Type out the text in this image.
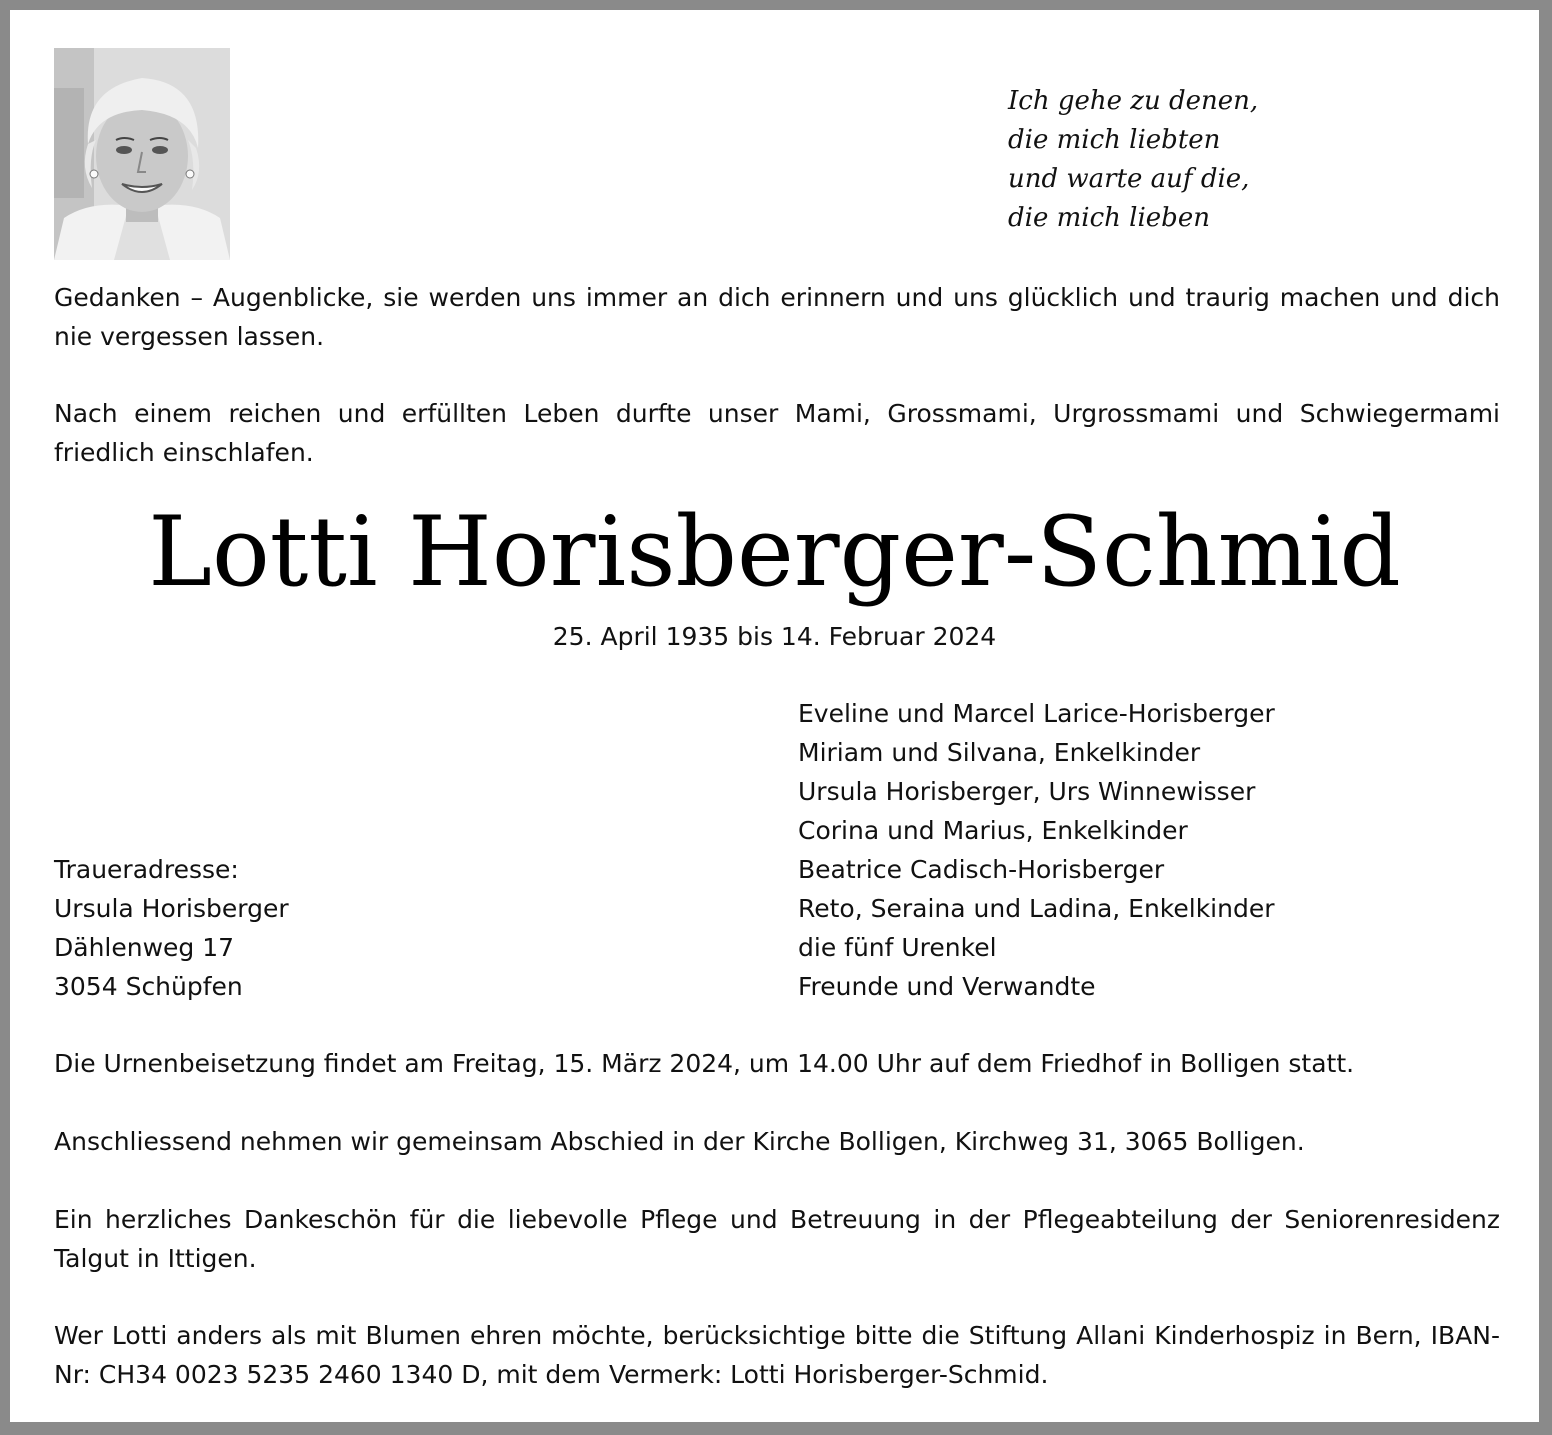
Ich gehe zu denen,
die mich liebten
und warte auf die,
die mich lieben

Gedanken – Augenblicke, sie werden uns immer an dich erinnern und uns glücklich und traurig machen und dich nie vergessen lassen.

Nach einem reichen und erfüllten Leben durfte unser Mami, Grossmami, Urgrossmami und Schwiegermami friedlich einschlafen.

Lotti Horisberger-Schmid
25. April 1935 bis 14. Februar 2024
Eveline und Marcel Larice-Horisberger
Miriam und Silvana, Enkelkinder
Ursula Horisberger, Urs Winnewisser
Corina und Marius, Enkelkinder
Beatrice Cadisch-Horisberger
Reto, Seraina und Ladina, Enkelkinder
die fünf Urenkel
Freunde und Verwandte
Traueradresse:
Ursula Horisberger
Dählenweg 17
3054 Schüpfen

Die Urnenbeisetzung findet am Freitag, 15. März 2024, um 14.00 Uhr auf dem Friedhof in Bolligen statt.

Anschliessend nehmen wir gemeinsam Abschied in der Kirche Bolligen, Kirchweg 31, 3065 Bolligen.

Ein herzliches Dankeschön für die liebevolle Pflege und Betreuung in der Pflegeabteilung der Seniorenresidenz Talgut in Ittigen.

Wer Lotti anders als mit Blumen ehren möchte, berücksichtige bitte die Stiftung Allani Kinderhospiz in Bern, IBAN-Nr: CH34 0023 5235 2460 1340 D, mit dem Vermerk: Lotti Horisberger-Schmid.
